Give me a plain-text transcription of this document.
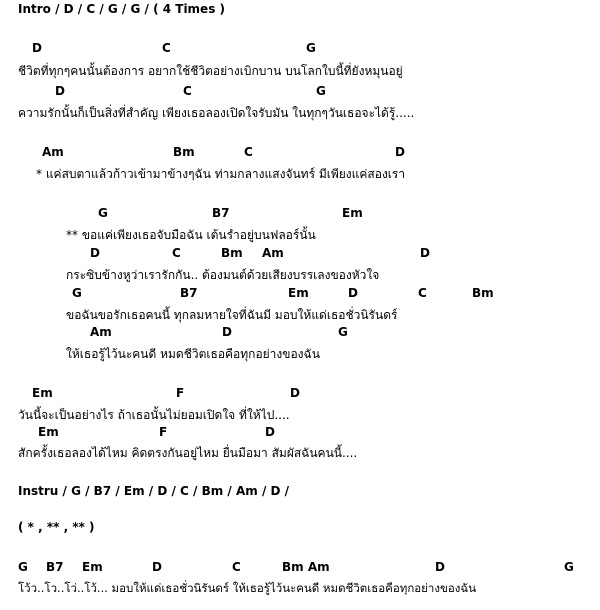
Intro / D / C / G / G / ( 4 Times )
D	C	G
ชีวิตที่ทุกๆคนนั้นต้องการ อยากใช้ชีวิตอย่างเบิกบาน บนโลกใบนี้ที่ยังหมุนอยู่
D	C	G
ความรักนั้นก็เป็นสิ่งที่สำคัญ เพียงเธอลองเปิดใจรับมัน ในทุกๆวันเธอจะได้รู้.....
Am	Bm	C	D
* แค่สบตาแล้วก้าวเข้ามาข้างๆฉัน ท่ามกลางแสงจันทร์ มีเพียงแค่สองเรา
G	B7	Em
** ขอแค่เพียงเธอจับมือฉัน เต้นรำอยู่บนฟลอร์นั้น
D	C	Bm Am	D
กระซิบข้างหูว่าเรารักกัน.. ต้องมนต์ด้วยเสียงบรรเลงของหัวใจ
G	B7	Em	D	C	Bm
ขอฉันขอรักเธอคนนี้ ทุกลมหายใจที่ฉันมี มอบให้แด่เธอชั่วนิรันดร์
Am	D	G
ให้เธอรู้ไว้นะคนดี หมดชีวิตเธอคือทุกอย่างของฉัน
Em	F	D
วันนี้จะเป็นอย่างไร ถ้าเธอนั้นไม่ยอมเปิดใจ ที่ให้ไป....
Em	F	D
สักครั้งเธอลองได้ไหม คิดตรงกันอยู่ไหม ยื่นมือมา สัมผัสฉันคนนี้....
Instru / G / B7 / Em / D / C / Bm / Am / D /
( * , ** , ** )
G B7 Em	D	C	Bm Am	D	G
โว้ว..โว..โว่..โว้... มอบให้แด่เธอชั่วนิรันดร์ ให้เธอรู้ไว้นะคนดี หมดชีวิตเธอคือทุกอย่างของฉัน
